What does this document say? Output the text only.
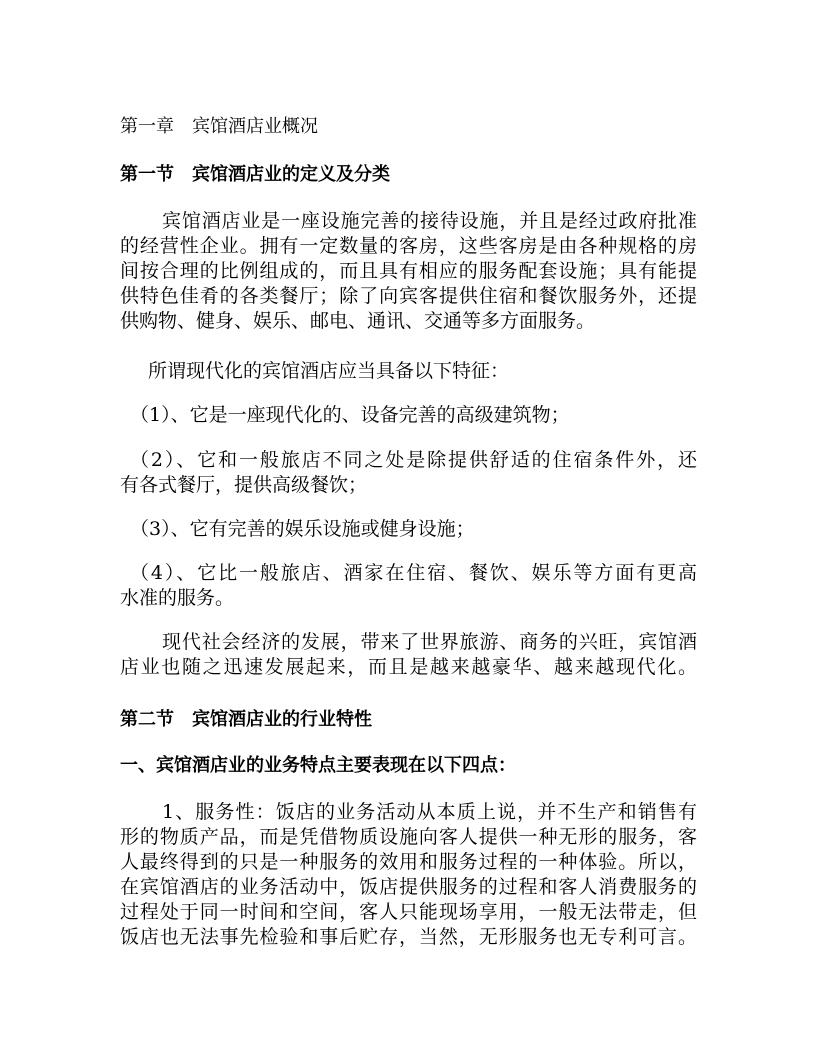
第一章　宾馆酒店业概况
第一节　宾馆酒店业的定义及分类
宾馆酒店业是一座设施完善的接待设施，并且是经过政府批准
的经营性企业。拥有一定数量的客房，这些客房是由各种规格的房
间按合理的比例组成的，而且具有相应的服务配套设施；具有能提
供特色佳肴的各类餐厅；除了向宾客提供住宿和餐饮服务外，还提
供购物、健身、娱乐、邮电、通讯、交通等多方面服务。
所谓现代化的宾馆酒店应当具备以下特征：
（1）、它是一座现代化的、设备完善的高级建筑物；
（2）、它和一般旅店不同之处是除提供舒适的住宿条件外，还
有各式餐厅，提供高级餐饮；
（3）、它有完善的娱乐设施或健身设施；
（4）、它比一般旅店、酒家在住宿、餐饮、娱乐等方面有更高
水准的服务。
现代社会经济的发展，带来了世界旅游、商务的兴旺，宾馆酒
店业也随之迅速发展起来，而且是越来越豪华、越来越现代化。
第二节　宾馆酒店业的行业特性
一、宾馆酒店业的业务特点主要表现在以下四点：
1、服务性：饭店的业务活动从本质上说，并不生产和销售有
形的物质产品，而是凭借物质设施向客人提供一种无形的服务，客
人最终得到的只是一种服务的效用和服务过程的一种体验。所以，
在宾馆酒店的业务活动中，饭店提供服务的过程和客人消费服务的
过程处于同一时间和空间，客人只能现场享用，一般无法带走，但
饭店也无法事先检验和事后贮存，当然，无形服务也无专利可言。
